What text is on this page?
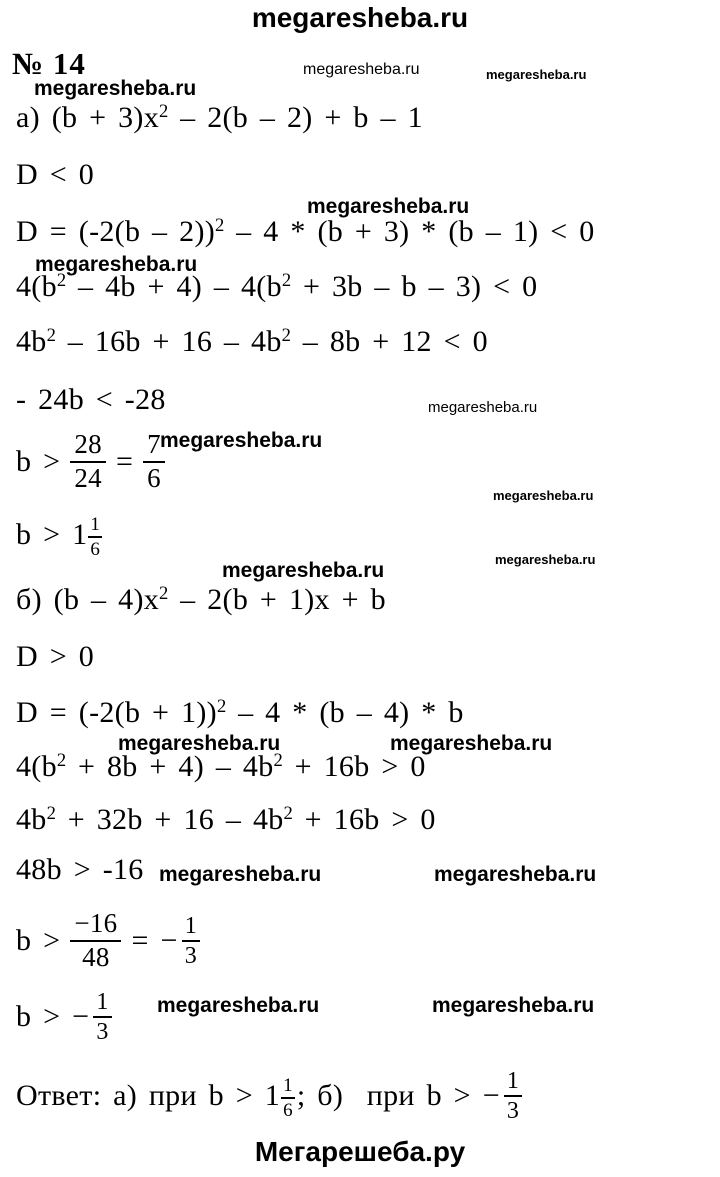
megaresheba.ru
№ 14	megaresheba.ru	megaresheba.ru
megaresheba.ru
megaresheba.ru
megaresheba.ru
megaresheba.ru
megaresheba.ru
megaresheba.ru
megaresheba.ru
megaresheba.ru
megaresheba.ru	megaresheba.ru
megaresheba.ru	megaresheba.ru
megaresheba.ru	megaresheba.ru
а) $(b + 3)x^2 - 2(b - 2) + b - 1$
D < 0
D = (-2(b – 2))$^2$ – 4 * (b + 3) * (b – 1) < 0
$4(b^2 - 4b + 4) - 4(b^2 + 3b - b - 3) < 0$
$4b^2 - 16b + 16 - 4b^2 - 8b + 12 < 0$
- 24b < -28
$b > \frac{28}{24} = \frac{7}{6}$
$b > 1 \frac{1}{6}$
б) $(b - 4)x^2 - 2(b + 1)x + b$
D > 0
$D = (-2(b + 1))^2 - 4 * (b - 4) * b$
$4(b^2 + 8b + 4) - 4b^2 + 16b > 0$
$4b^2 + 32b + 16 - 4b^2 + 16b > 0$
48b > -16
$b > \frac{-16}{48}$ = − $\frac{1}{3}$
b > − $\frac{1}{3}$
Ответ: а) при $b > 1 \frac{1}{6}$ ; б)  при b > − $\frac{1}{3}$
Мегарешеба.ру
